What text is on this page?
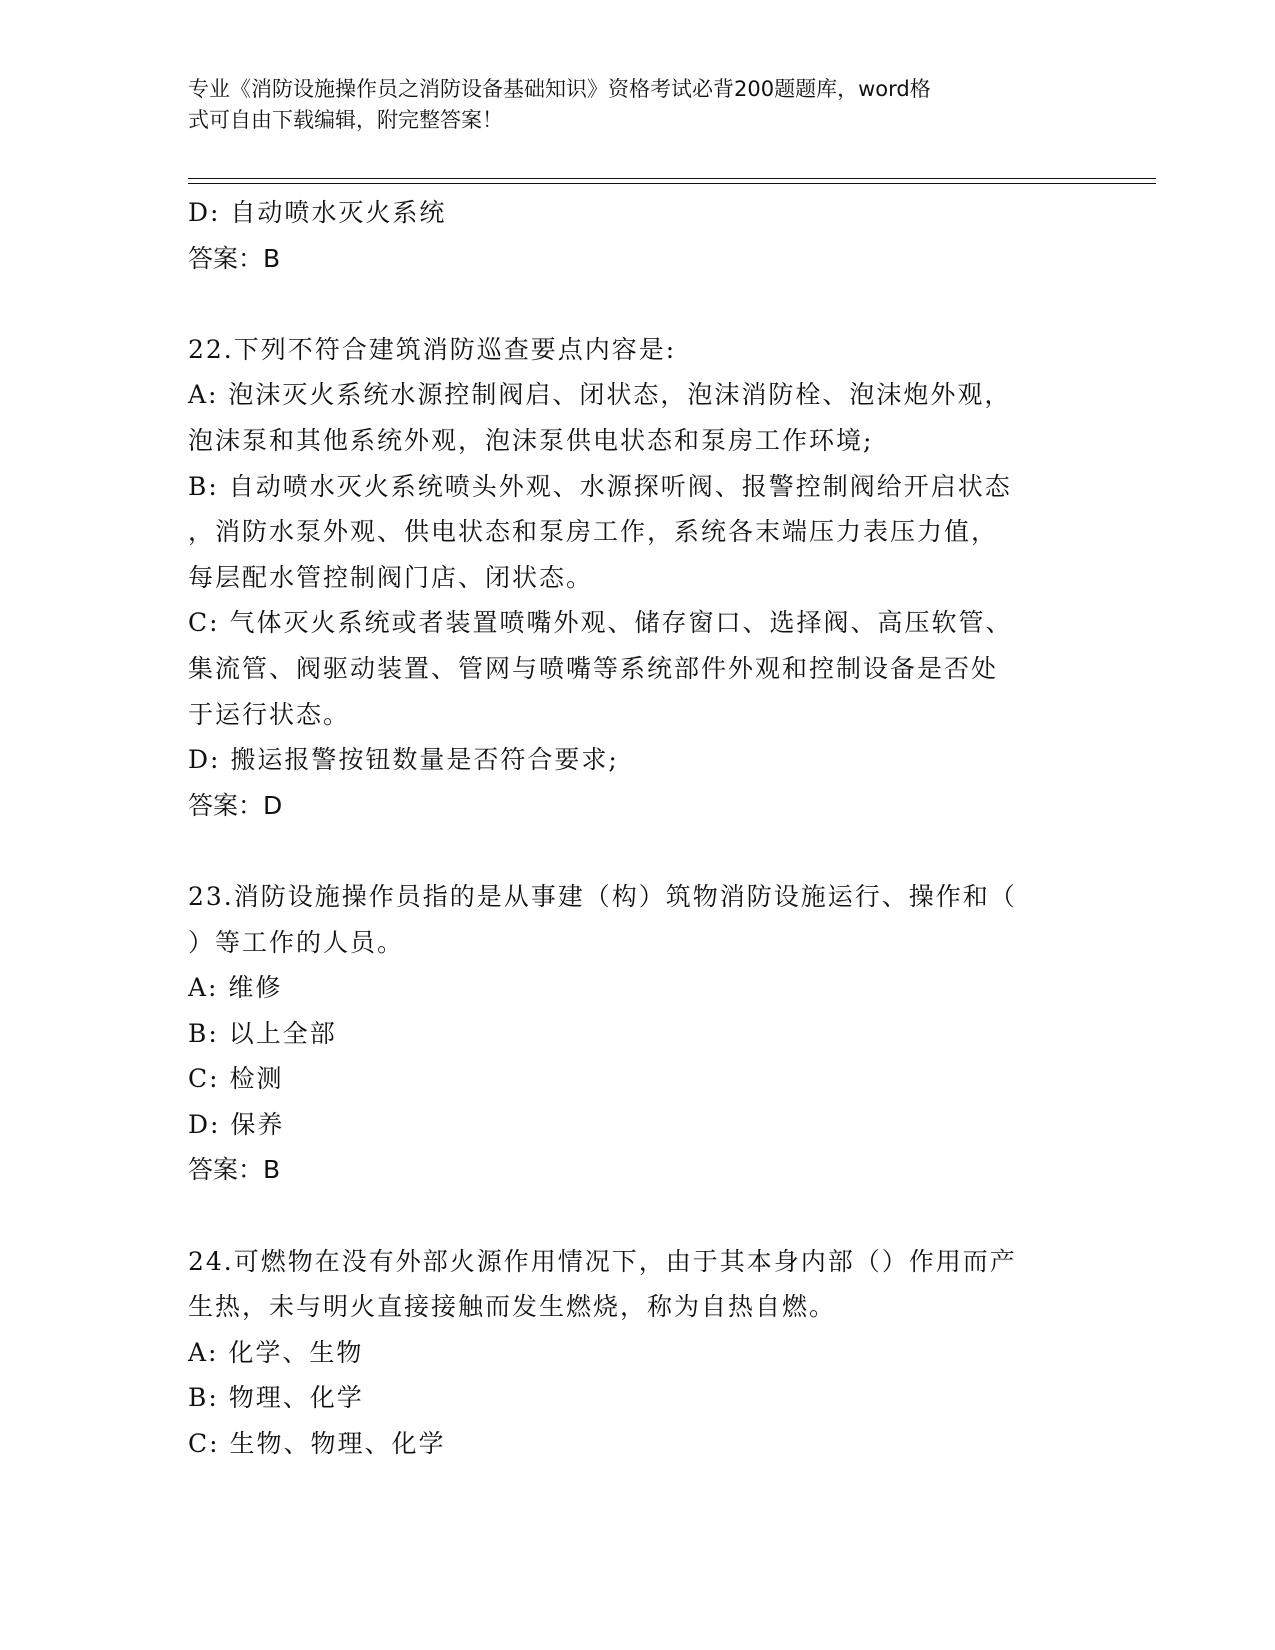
专业《消防设施操作员之消防设备基础知识》资格考试必背200题题库，word格
式可自由下载编辑，附完整答案！
D: 自动喷水灭火系统
答案：B
22.下列不符合建筑消防巡查要点内容是:
A: 泡沫灭火系统水源控制阀启、闭状态，泡沫消防栓、泡沫炮外观，
泡沫泵和其他系统外观，泡沫泵供电状态和泵房工作环境;
B: 自动喷水灭火系统喷头外观、水源探听阀、报警控制阀给开启状态
，消防水泵外观、供电状态和泵房工作，系统各末端压力表压力值，
每层配水管控制阀门店、闭状态。
C: 气体灭火系统或者装置喷嘴外观、储存窗口、选择阀、高压软管、
集流管、阀驱动装置、管网与喷嘴等系统部件外观和控制设备是否处
于运行状态。
D: 搬运报警按钮数量是否符合要求;
答案：D
23.消防设施操作员指的是从事建（构）筑物消防设施运行、操作和（
）等工作的人员。
A: 维修
B: 以上全部
C: 检测
D: 保养
答案：B
24.可燃物在没有外部火源作用情况下，由于其本身内部（）作用而产
生热，未与明火直接接触而发生燃烧，称为自热自燃。
A: 化学、生物
B: 物理、化学
C: 生物、物理、化学
